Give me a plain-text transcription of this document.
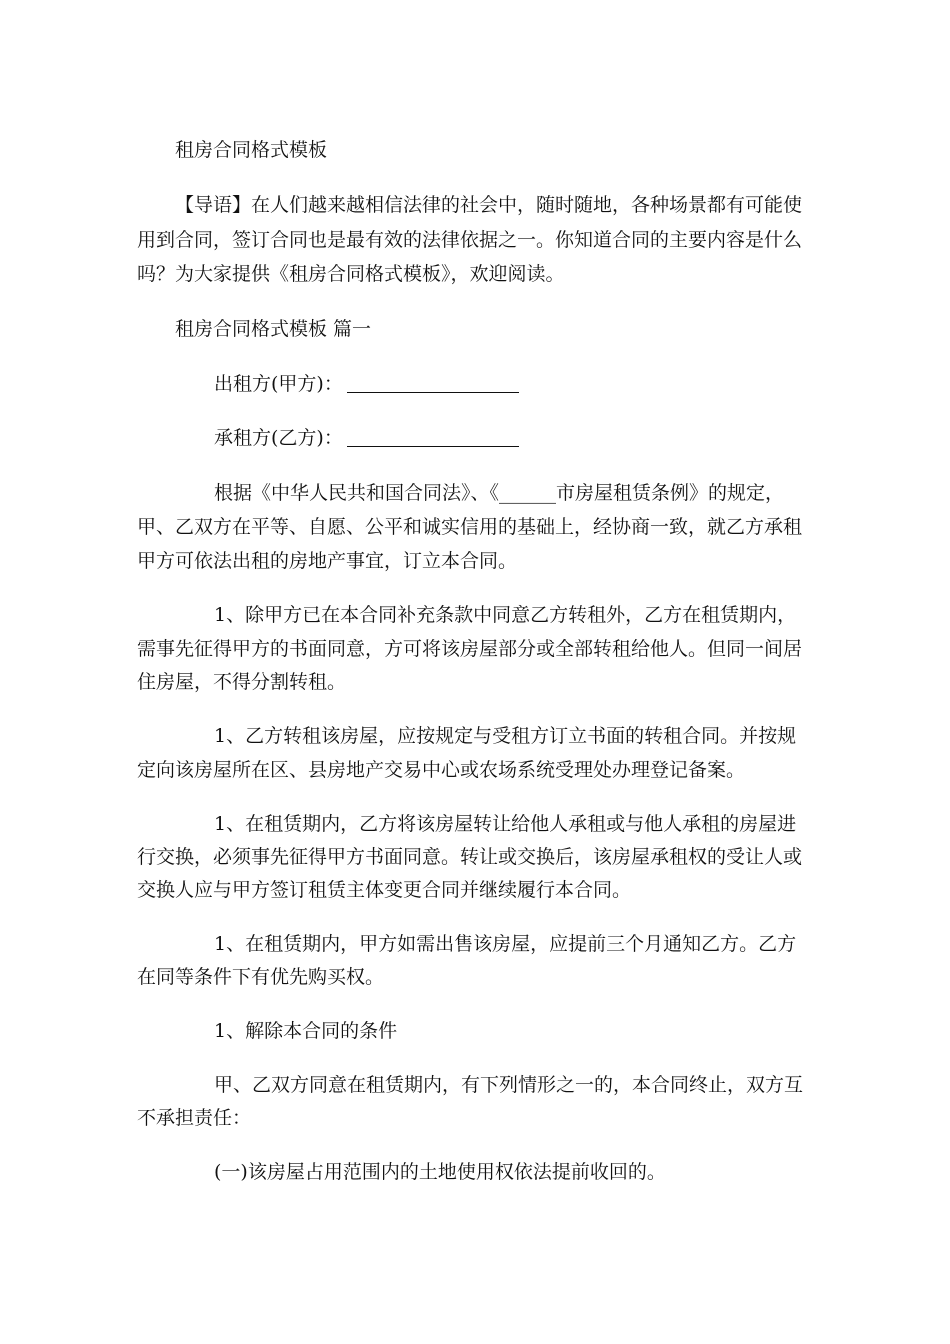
租房合同格式模板

【导语】在人们越来越相信法律的社会中，随时随地，各种场景都有可能使

用到合同，签订合同也是最有效的法律依据之一。你知道合同的主要内容是什么

吗？为大家提供《租房合同格式模板》，欢迎阅读。

租房合同格式模板 篇一

出租方(甲方)：

承租方(乙方)：

根据《中华人民共和国合同法》、《______市房屋租赁条例》的规定，

甲、乙双方在平等、自愿、公平和诚实信用的基础上，经协商一致，就乙方承租

甲方可依法出租的房地产事宜，订立本合同。

1、除甲方已在本合同补充条款中同意乙方转租外，乙方在租赁期内，

需事先征得甲方的书面同意，方可将该房屋部分或全部转租给他人。但同一间居

住房屋，不得分割转租。

1、乙方转租该房屋，应按规定与受租方订立书面的转租合同。并按规

定向该房屋所在区、县房地产交易中心或农场系统受理处办理登记备案。

1、在租赁期内，乙方将该房屋转让给他人承租或与他人承租的房屋进

行交换，必须事先征得甲方书面同意。转让或交换后，该房屋承租权的受让人或

交换人应与甲方签订租赁主体变更合同并继续履行本合同。

1、在租赁期内，甲方如需出售该房屋，应提前三个月通知乙方。乙方

在同等条件下有优先购买权。

1、解除本合同的条件

甲、乙双方同意在租赁期内，有下列情形之一的，本合同终止，双方互

不承担责任：

(一)该房屋占用范围内的土地使用权依法提前收回的。
